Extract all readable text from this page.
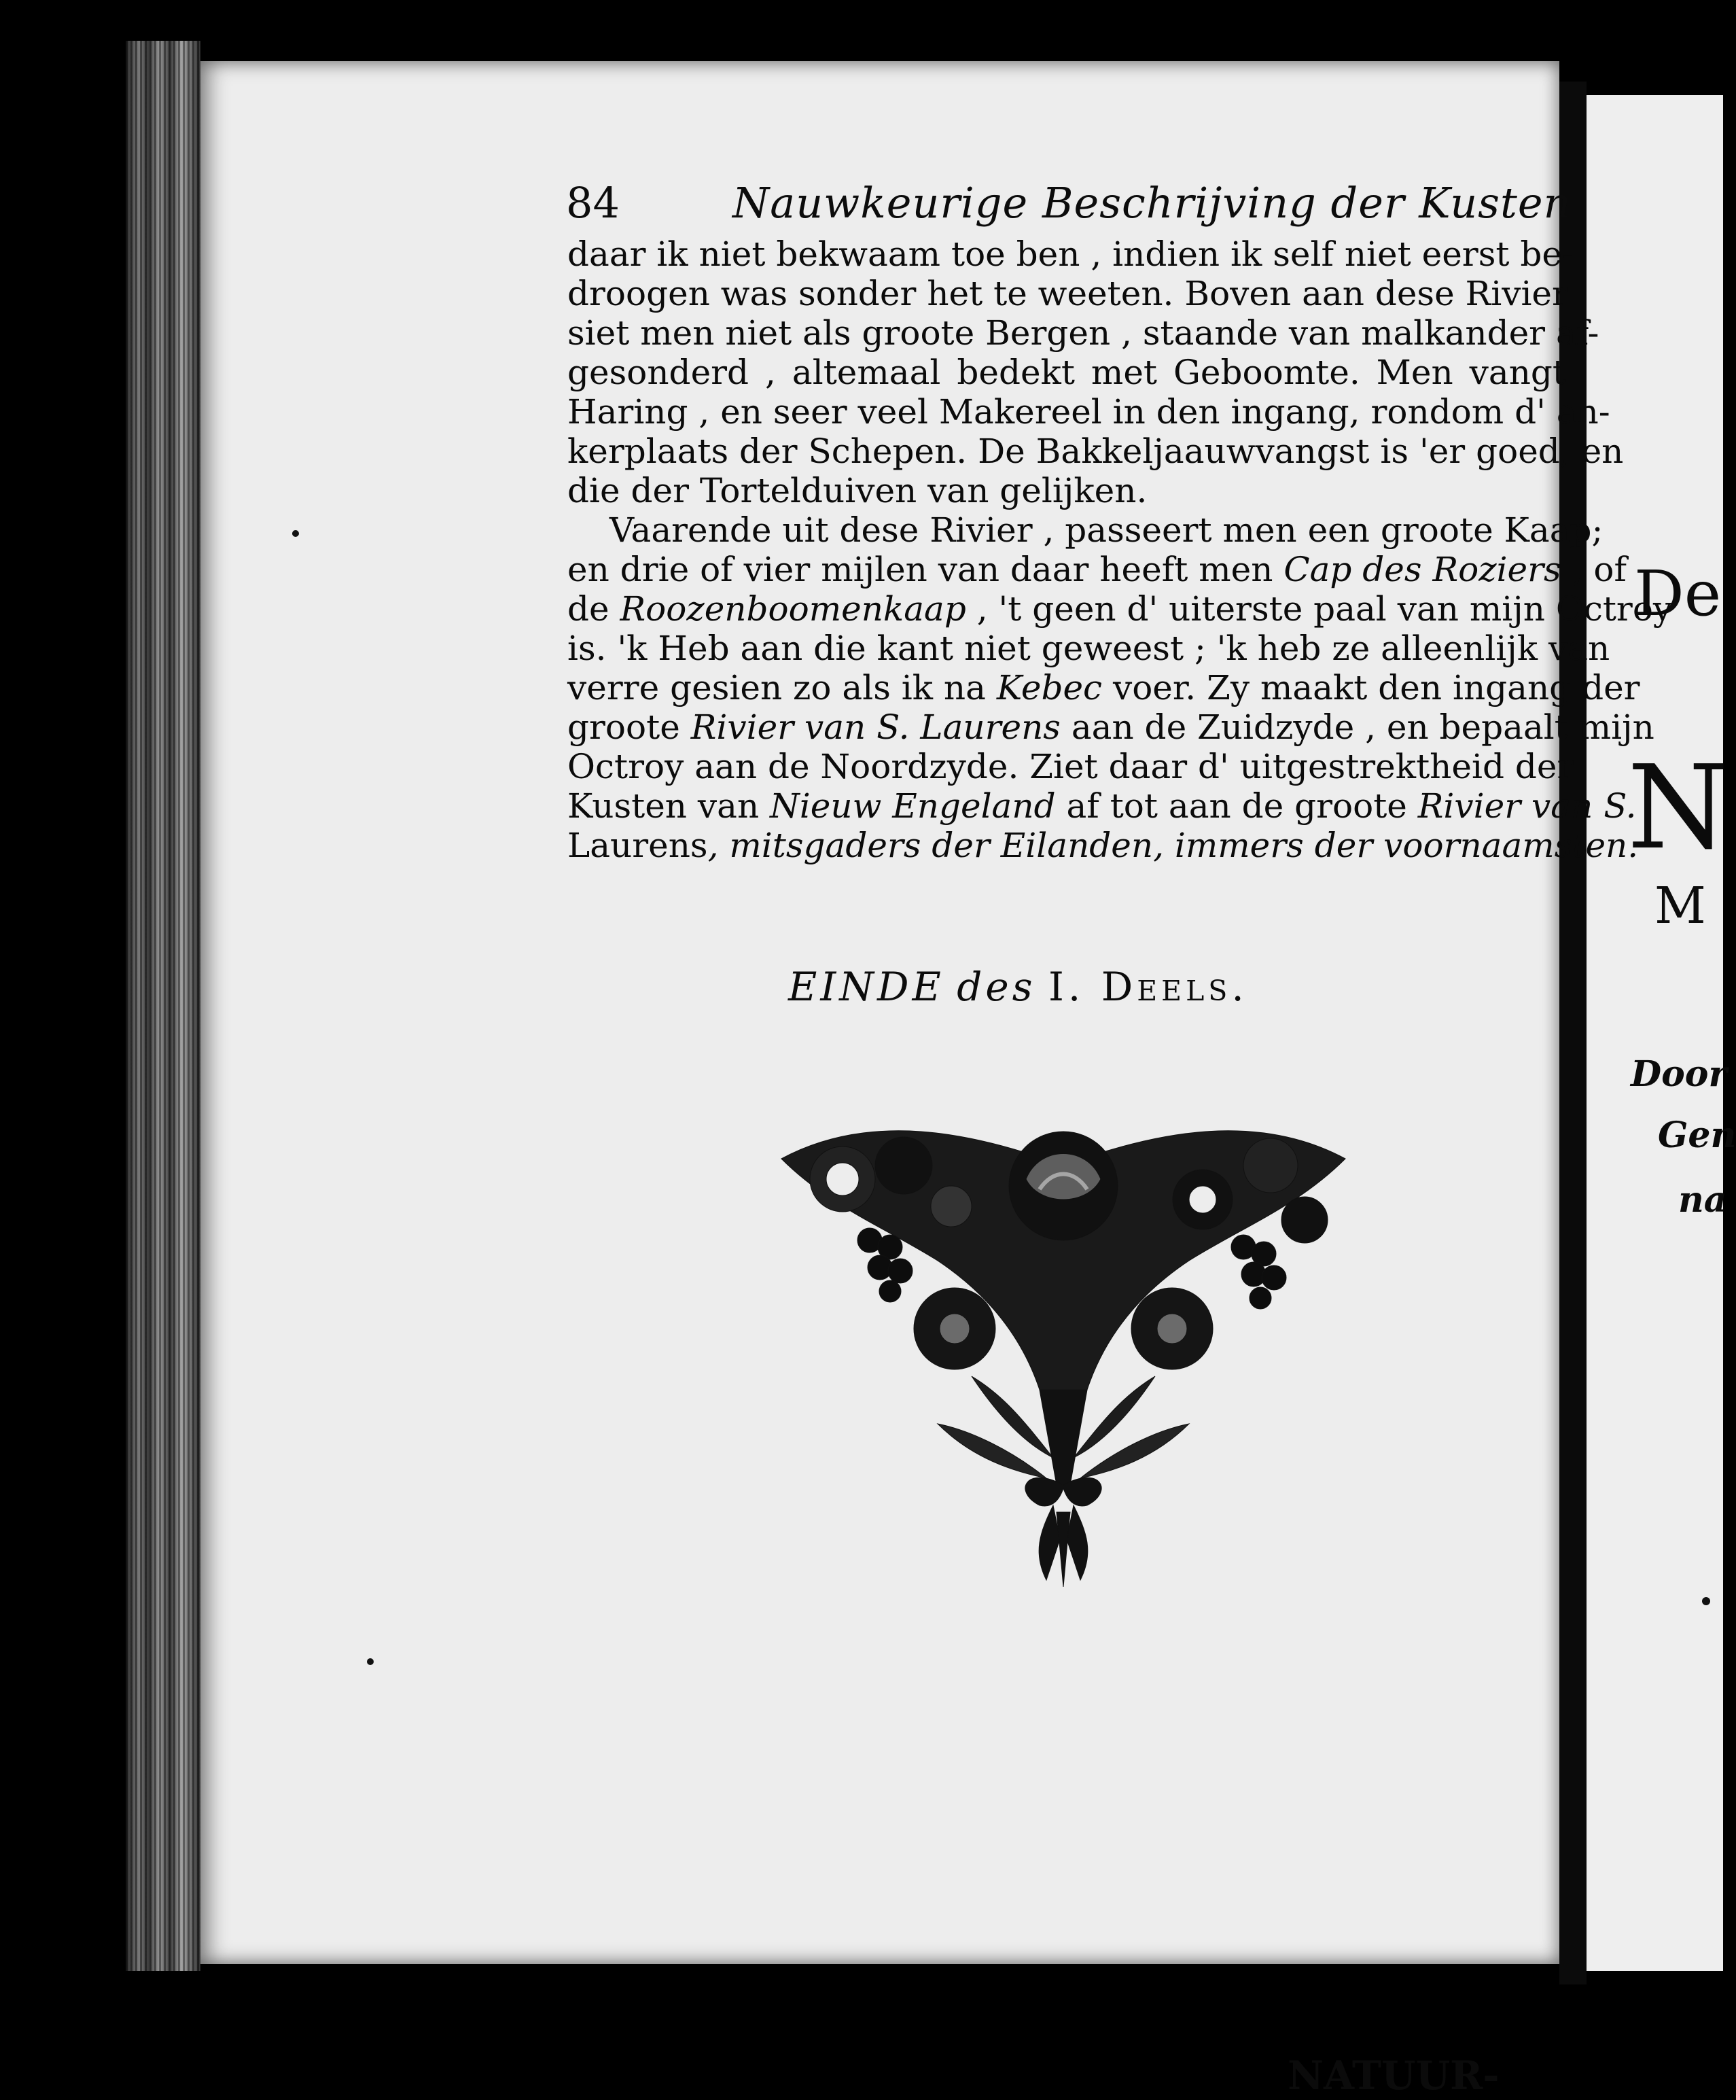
84	Nauwkeurige Beschrijving der Kusten
daar ik niet bekwaam toe ben , indien ik self niet eerst be-
droogen was sonder het te weeten. Boven aan dese Rivier
siet men niet als groote Bergen , staande van malkander af-
gesonderd , altemaal bedekt met Geboomte. Men vangt
Haring , en seer veel Makereel in den ingang, rondom d' an-
kerplaats der Schepen. De Bakkeljaauwvangst is 'er goed, en
die der Tortelduiven van gelijken.
Vaarende uit dese Rivier , passeert men een groote Kaap;
en drie of vier mijlen van daar heeft men Cap des Roziers , of
de Roozenboomenkaap , 't geen d' uiterste paal van mijn Octroy
is. 'k Heb aan die kant niet geweest ; 'k heb ze alleenlijk van
verre gesien zo als ik na Kebec voer. Zy maakt den ingang der
groote Rivier van S. Laurens aan de Zuidzyde , en bepaalt mijn
Octroy aan de Noordzyde. Ziet daar d' uitgestrektheid der
Kusten van Nieuw Engeland af tot aan de groote Rivier van S.
Laurens, mitsgaders der Eilanden, immers der voornaamsten.
EINDE des I. Deels.
NATUUR-
De
N
M
Door
Gen
na
